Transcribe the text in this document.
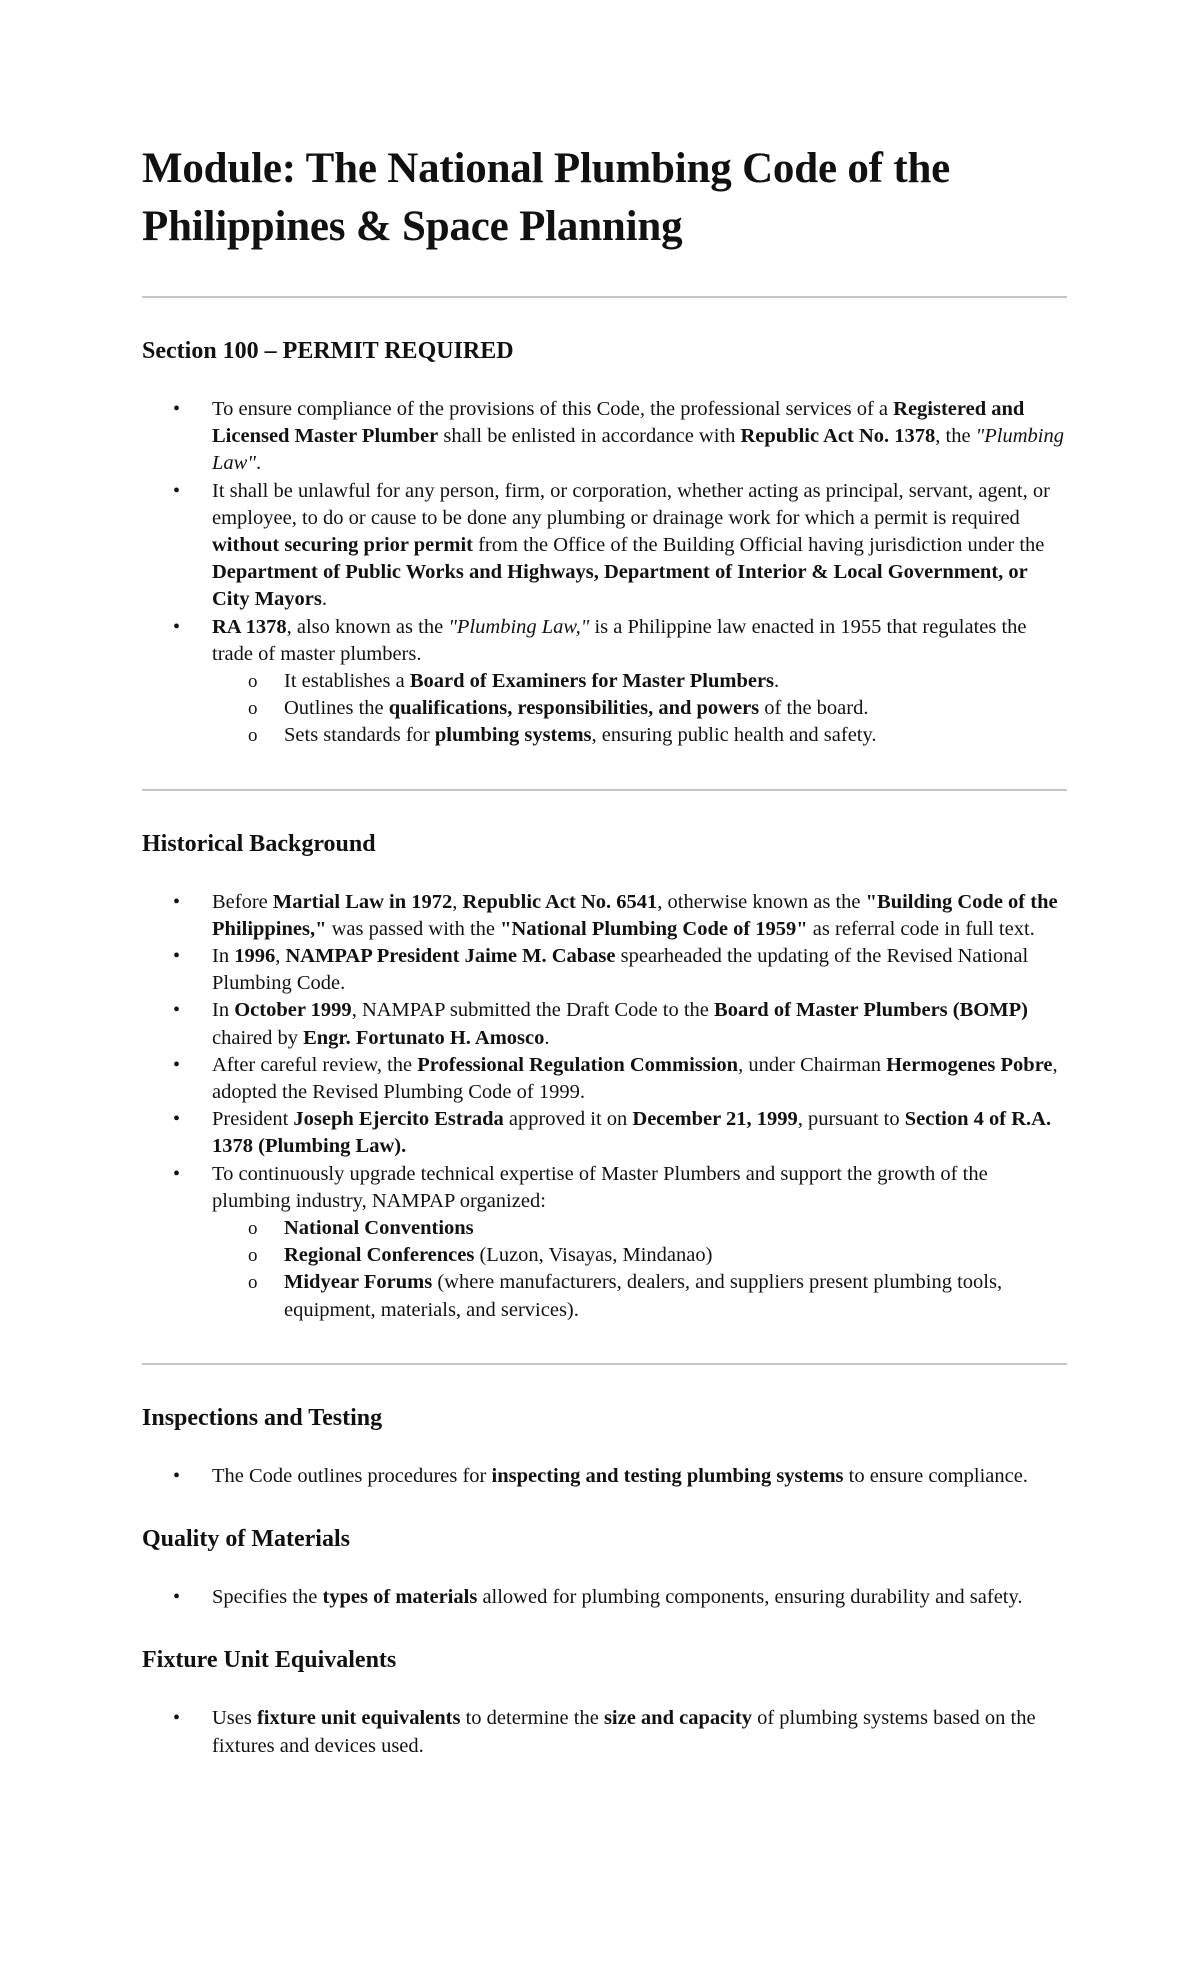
Module: The National Plumbing Code of the
Philippines & Space Planning
Section 100 – PERMIT REQUIRED
• To ensure compliance of the provisions of this Code, the professional services of a Registered and Licensed Master Plumber shall be enlisted in accordance with Republic Act No. 1378, the "Plumbing Law".
• It shall be unlawful for any person, firm, or corporation, whether acting as principal, servant, agent, or employee, to do or cause to be done any plumbing or drainage work for which a permit is required without securing prior permit from the Office of the Building Official having jurisdiction under the Department of Public Works and Highways, Department of Interior & Local Government, or City Mayors.
• RA 1378, also known as the "Plumbing Law," is a Philippine law enacted in 1955 that regulates the trade of master plumbers.
o It establishes a Board of Examiners for Master Plumbers.
o Outlines the qualifications, responsibilities, and powers of the board.
o Sets standards for plumbing systems, ensuring public health and safety.
Historical Background
• Before Martial Law in 1972, Republic Act No. 6541, otherwise known as the "Building Code of the Philippines," was passed with the "National Plumbing Code of 1959" as referral code in full text.
• In 1996, NAMPAP President Jaime M. Cabase spearheaded the updating of the Revised National Plumbing Code.
• In October 1999, NAMPAP submitted the Draft Code to the Board of Master Plumbers (BOMP) chaired by Engr. Fortunato H. Amosco.
• After careful review, the Professional Regulation Commission, under Chairman Hermogenes Pobre, adopted the Revised Plumbing Code of 1999.
• President Joseph Ejercito Estrada approved it on December 21, 1999, pursuant to Section 4 of R.A. 1378 (Plumbing Law).
• To continuously upgrade technical expertise of Master Plumbers and support the growth of the plumbing industry, NAMPAP organized:
o National Conventions
o Regional Conferences (Luzon, Visayas, Mindanao)
o Midyear Forums (where manufacturers, dealers, and suppliers present plumbing tools, equipment, materials, and services).
Inspections and Testing
• The Code outlines procedures for inspecting and testing plumbing systems to ensure compliance.
Quality of Materials
• Specifies the types of materials allowed for plumbing components, ensuring durability and safety.
Fixture Unit Equivalents
• Uses fixture unit equivalents to determine the size and capacity of plumbing systems based on the fixtures and devices used.
